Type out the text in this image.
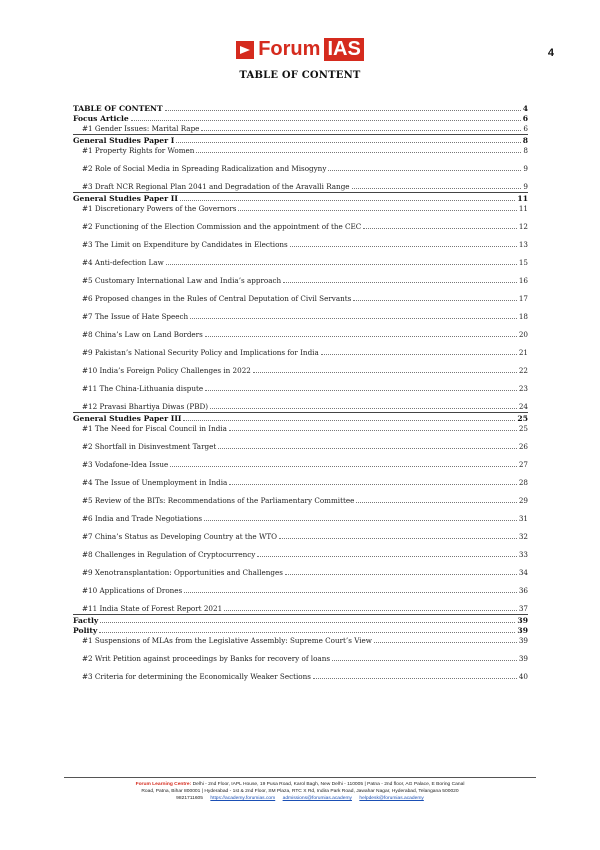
Forum IAS	4
TABLE OF CONTENT
TABLE OF CONTENT	4
Focus Article	6
#1 Gender Issues: Marital Rape	6
General Studies Paper I	8
#1 Property Rights for Women	8
#2 Role of Social Media in Spreading Radicalization and Misogyny	9
#3 Draft NCR Regional Plan 2041 and Degradation of the Aravalli Range	9
General Studies Paper II	11
#1 Discretionary Powers of the Governors	11
#2 Functioning of the Election Commission and the appointment of the CEC	12
#3 The Limit on Expenditure by Candidates in Elections	13
#4 Anti-defection Law	15
#5 Customary International Law and India’s approach	16
#6 Proposed changes in the Rules of Central Deputation of Civil Servants	17
#7 The Issue of Hate Speech	18
#8 China’s Law on Land Borders	20
#9 Pakistan’s National Security Policy and Implications for India	21
#10 India’s Foreign Policy Challenges in 2022	22
#11 The China-Lithuania dispute	23
#12 Pravasi Bhartiya Diwas (PBD)	24
General Studies Paper III	25
#1 The Need for Fiscal Council in India	25
#2 Shortfall in Disinvestment Target	26
#3 Vodafone-Idea Issue	27
#4 The Issue of Unemployment in India	28
#5 Review of the BITs: Recommendations of the Parliamentary Committee	29
#6 India and Trade Negotiations	31
#7 China’s Status as Developing Country at the WTO	32
#8 Challenges in Regulation of Cryptocurrency	33
#9 Xenotransplantation: Opportunities and Challenges	34
#10 Applications of Drones	36
#11 India State of Forest Report 2021	37
Factly	39
Polity	39
#1 Suspensions of MLAs from the Legislative Assembly: Supreme Court’s View	39
#2 Writ Petition against proceedings by Banks for recovery of loans	39
#3 Criteria for determining the Economically Weaker Sections	40
Forum Learning Centre: Delhi - 2nd Floor, IAPL House, 19 Pusa Road, Karol Bagh, New Delhi - 110005 | Patna - 2nd floor, AG Palace, E Boring Canal
Road, Patna, Bihar 800001 | Hyderabad - 1st & 2nd Floor, SM Plaza, RTC X Rd, Indira Park Road, Jawahar Nagar, Hyderabad, Telangana 500020
9821711605 https://academy.forumias.com admissions@forumias.academy helpdesk@forumias.academy
